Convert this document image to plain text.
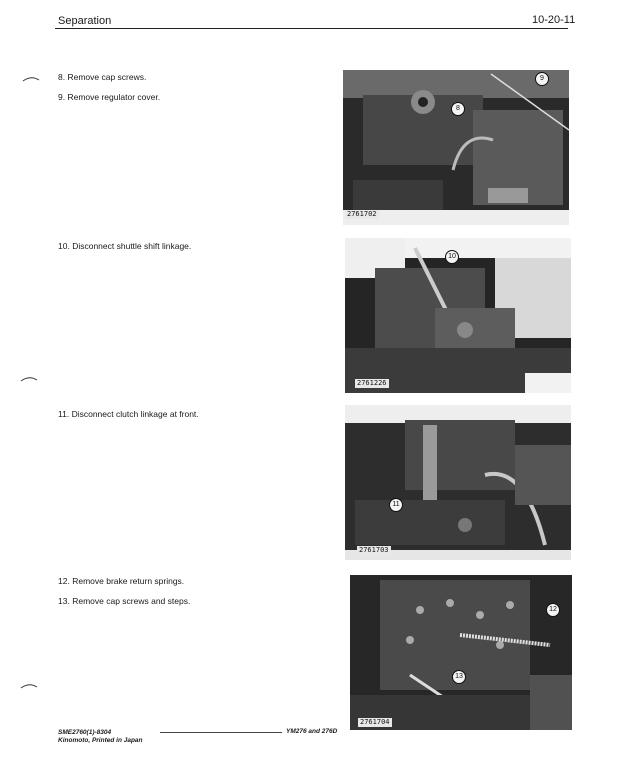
Separation	10-20-11
8. Remove cap screws.
9. Remove regulator cover.
10. Disconnect shuttle shift linkage.
11. Disconnect clutch linkage at front.
12. Remove brake return springs.
13. Remove cap screws and steps.
9
8
2761702
10
2761226
11
2761703
12
13
2761704
SME2760(1)-8304
Kinomoto, Printed in Japan
YM276 and 276D
